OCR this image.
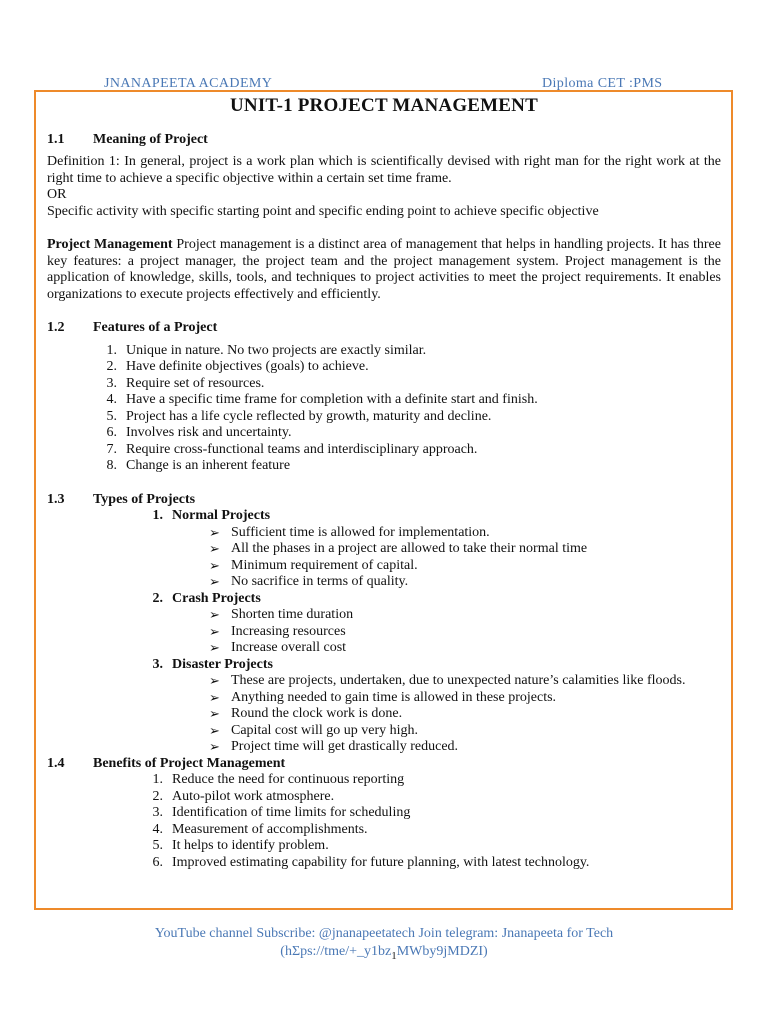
JNANAPEETA ACADEMY	Diploma CET :PMS
UNIT-1 PROJECT MANAGEMENT
1.1	Meaning of Project

Definition 1: In general, project is a work plan which is scientifically devised with right man for the right work at the right time to achieve a specific objective within a certain set time frame.

OR

Specific activity with specific starting point and specific ending point to achieve specific objective

Project Management Project management is a distinct area of management that helps in handling projects. It has three key features: a project manager, the project team and the project management system. Project management is the application of knowledge, skills, tools, and techniques to project activities to meet the project requirements. It enables organizations to execute projects effectively and efficiently.

1.2	Features of a Project
1. Unique in nature. No two projects are exactly similar.
2. Have definite objectives (goals) to achieve.
3. Require set of resources.
4. Have a specific time frame for completion with a definite start and finish.
5. Project has a life cycle reflected by growth, maturity and decline.
6. Involves risk and uncertainty.
7. Require cross-functional teams and interdisciplinary approach.
8. Change is an inherent feature
1.3	Types of Projects
1. Normal Projects
➢ Sufficient time is allowed for implementation.
➢ All the phases in a project are allowed to take their normal time
➢ Minimum requirement of capital.
➢ No sacrifice in terms of quality.
2. Crash Projects
➢ Shorten time duration
➢ Increasing resources
➢ Increase overall cost
3. Disaster Projects
➢ These are projects, undertaken, due to unexpected nature’s calamities like floods.
➢ Anything needed to gain time is allowed in these projects.
➢ Round the clock work is done.
➢ Capital cost will go up very high.
➢ Project time will get drastically reduced.
1.4	Benefits of Project Management
1. Reduce the need for continuous reporting
2. Auto-pilot work atmosphere.
3. Identification of time limits for scheduling
4. Measurement of accomplishments.
5. It helps to identify problem.
6. Improved estimating capability for future planning, with latest technology.
YouTube channel Subscribe: @jnanapeetatech Join telegram: Jnanapeeta for Tech
$(h\Sigma ps://tme/+\_y1bz_1MWby9jMDZI)$
